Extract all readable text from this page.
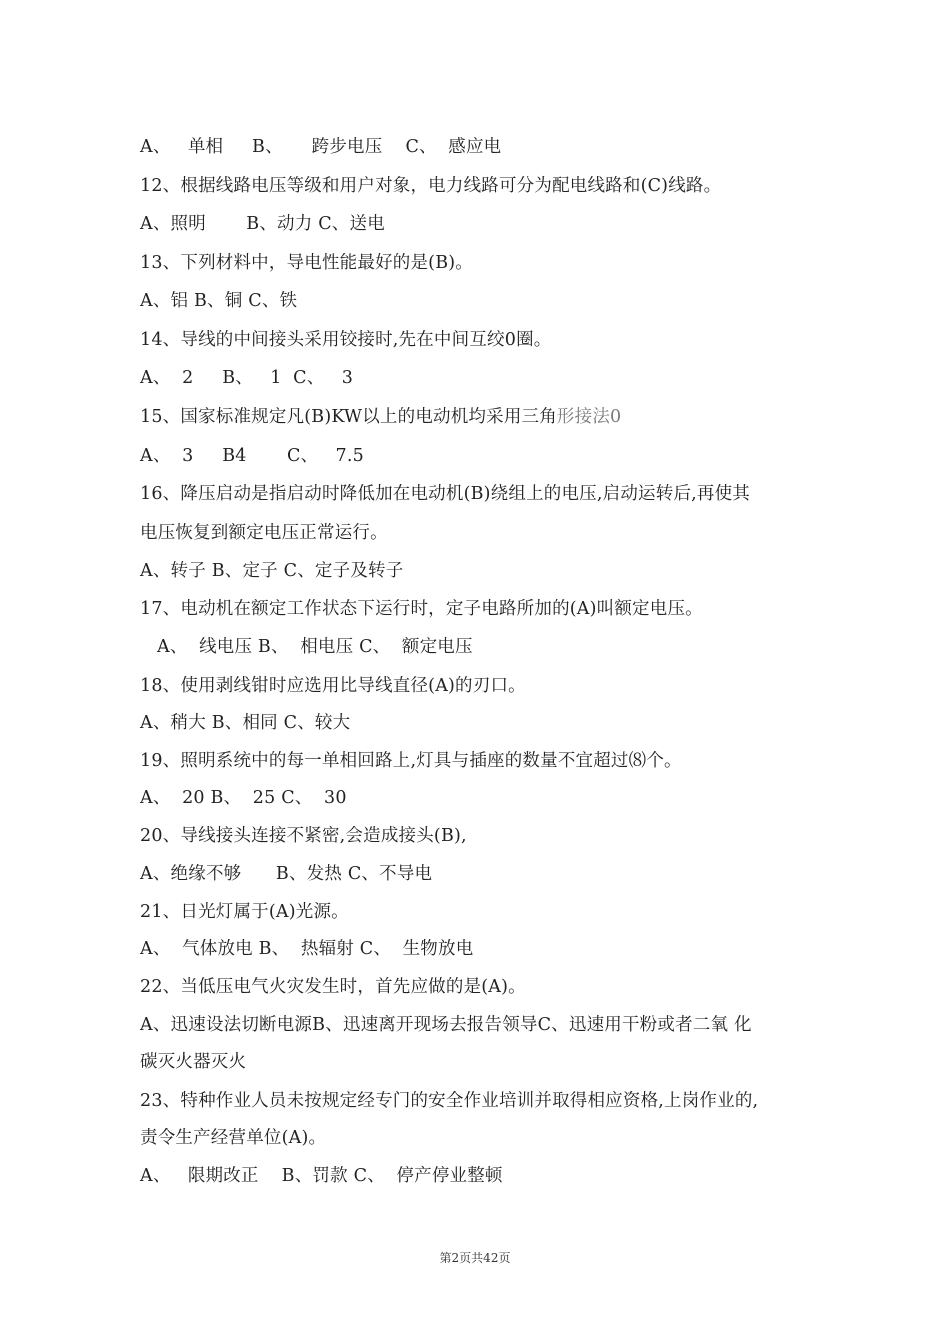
A、   单相     B、     跨步电压    C、  感应电
12、根据线路电压等级和用户对象，电力线路可分为配电线路和(C)线路。
A、照明       B、动力 C、送电
13、下列材料中，导电性能最好的是(B)。
A、铝 B、铜 C、铁
14、导线的中间接头采用铰接时,先在中间互绞0圈。
A、  2     B、   1  C、   3
15、国家标准规定凡(B)KW以上的电动机均采用三角形接法0
A、  3     B4       C、   7.5
16、降压启动是指启动时降低加在电动机(B)绕组上的电压,启动运转后,再使其
电压恢复到额定电压正常运行。
A、转子 B、定子 C、定子及转子
17、电动机在额定工作状态下运行时，定子电路所加的(A)叫额定电压。
A、  线电压 B、  相电压 C、  额定电压
18、使用剥线钳时应选用比导线直径(A)的刃口。
A、稍大 B、相同 C、较大
19、照明系统中的每一单相回路上,灯具与插座的数量不宜超过⑻个。
A、  20 B、  25 C、  30
20、导线接头连接不紧密,会造成接头(B),
A、绝缘不够      B、发热 C、不导电
21、日光灯属于(A)光源。
A、  气体放电 B、  热辐射 C、  生物放电
22、当低压电气火灾发生时，首先应做的是(A)。
A、迅速设法切断电源B、迅速离开现场去报告领导C、迅速用干粉或者二氧 化
碳灭火器灭火
23、特种作业人员未按规定经专门的安全作业培训并取得相应资格,上岗作业的,
责令生产经营单位(A)。
A、   限期改正    B、罚款 C、  停产停业整顿
第2页共42页
